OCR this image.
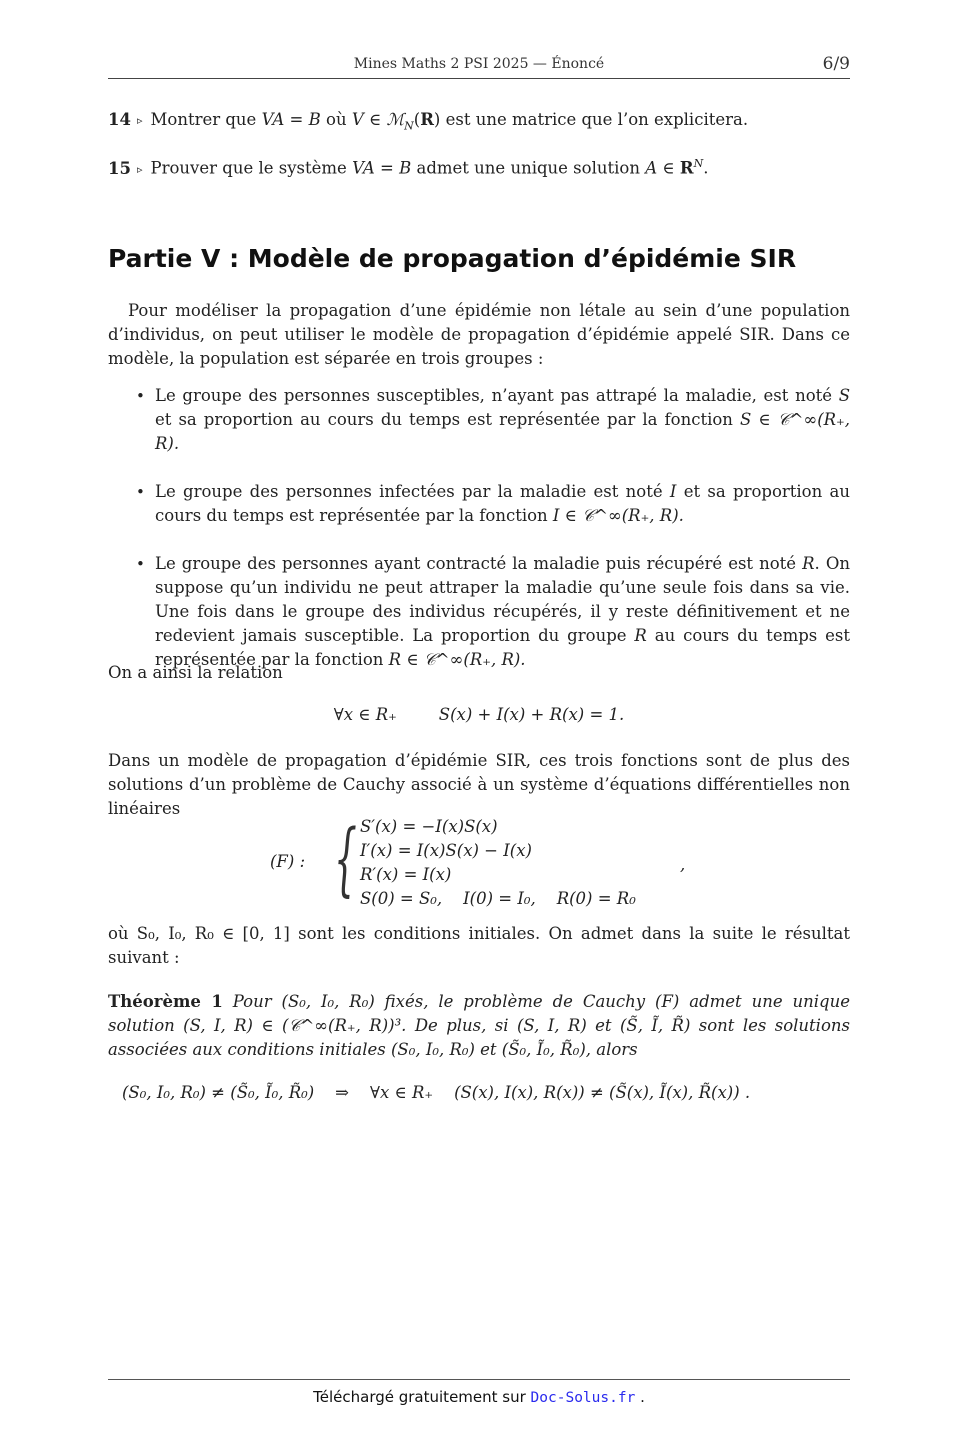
Mines Maths 2 PSI 2025 — Énoncé	6/9
14 ▹ Montrer que VA = B où V ∈ ℳ$_N$(R) est une matrice que l’on explicitera.
15 ▹ Prouver que le système VA = B admet une unique solution A ∈ $R^N$.
Partie V : Modèle de propagation d’épidémie SIR
Pour modéliser la propagation d’une épidémie non létale au sein d’une population d’individus, on peut utiliser le modèle de propagation d’épidémie appelé SIR. Dans ce modèle, la population est séparée en trois groupes :
• Le groupe des personnes susceptibles, n’ayant pas attrapé la maladie, est noté S et sa proportion au cours du temps est représentée par la fonction S ∈ 𝒞^∞(R₊, R).
• Le groupe des personnes infectées par la maladie est noté I et sa proportion au cours du temps est représentée par la fonction I ∈ 𝒞^∞(R₊, R).
• Le groupe des personnes ayant contracté la maladie puis récupéré est noté R. On suppose qu’un individu ne peut attraper la maladie qu’une seule fois dans sa vie. Une fois dans le groupe des individus récupérés, il y reste définitivement et ne redevient jamais susceptible. La proportion du groupe R au cours du temps est représentée par la fonction R ∈ 𝒞^∞(R₊, R).
On a ainsi la relation
∀x ∈ R₊        S(x) + I(x) + R(x) = 1.
Dans un modèle de propagation d’épidémie SIR, ces trois fonctions sont de plus des solutions d’un problème de Cauchy associé à un système d’équations différentielles non linéaires
(F) : { S′(x) = −I(x)S(x)
I′(x) = I(x)S(x) − I(x)
R′(x) = I(x)
S(0) = S₀,    I(0) = I₀,    R(0) = R₀
,
où S₀, I₀, R₀ ∈ [0, 1] sont les conditions initiales. On admet dans la suite le résultat suivant :
Théorème 1 Pour (S₀, I₀, R₀) fixés, le problème de Cauchy (F) admet une unique solution (S, I, R) ∈ (𝒞^∞(R₊, R))³. De plus, si (S, I, R) et (S̃, Ĩ, R̃) sont les solutions associées aux conditions initiales (S₀, I₀, R₀) et (S̃₀, Ĩ₀, R̃₀), alors
(S₀, I₀, R₀) ≠ (S̃₀, Ĩ₀, R̃₀)    ⇒    ∀x ∈ R₊    (S(x), I(x), R(x)) ≠ (S̃(x), Ĩ(x), R̃(x)) .
Téléchargé gratuitement sur Doc-Solus.fr .
